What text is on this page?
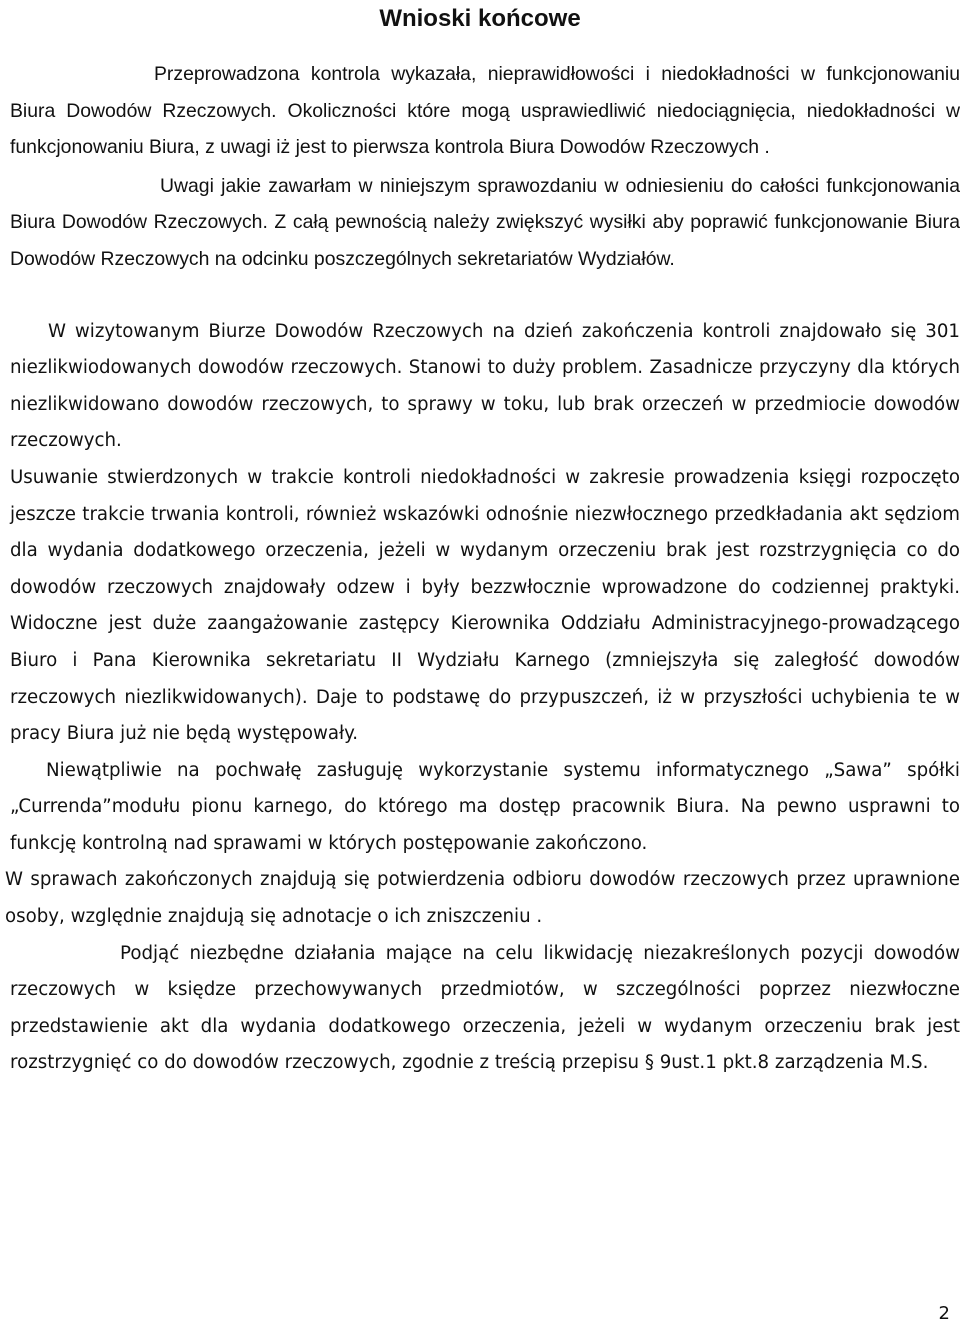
Wnioski końcowe

Przeprowadzona kontrola wykazała, nieprawidłowości i niedokładności w funkcjonowaniu Biura Dowodów Rzeczowych. Okoliczności które mogą usprawiedliwić niedociągnięcia, niedokładności w funkcjonowaniu Biura, z uwagi iż jest to pierwsza kontrola Biura Dowodów Rzeczowych .

Uwagi jakie zawarłam w niniejszym sprawozdaniu w odniesieniu do całości funkcjonowania Biura Dowodów Rzeczowych. Z całą pewnością należy zwiększyć wysiłki aby poprawić funkcjonowanie Biura Dowodów Rzeczowych na odcinku poszczególnych sekretariatów Wydziałów.

W wizytowanym Biurze Dowodów Rzeczowych na dzień zakończenia kontroli znajdowało się 301 niezlikwiodowanych dowodów rzeczowych. Stanowi to duży problem. Zasadnicze przyczyny dla których niezlikwidowano dowodów rzeczowych, to sprawy w toku, lub brak orzeczeń w przedmiocie dowodów rzeczowych.

Usuwanie stwierdzonych w trakcie kontroli niedokładności w zakresie prowadzenia księgi rozpoczęto jeszcze trakcie trwania kontroli, również wskazówki odnośnie niezwłocznego przedkładania akt sędziom dla wydania dodatkowego orzeczenia, jeżeli w wydanym orzeczeniu brak jest rozstrzygnięcia co do dowodów rzeczowych znajdowały odzew i były bezzwłocznie wprowadzone do codziennej praktyki. Widoczne jest duże zaangażowanie zastępcy Kierownika Oddziału Administracyjnego-prowadzącego Biuro i Pana Kierownika sekretariatu II Wydziału Karnego (zmniejszyła się zaległość dowodów rzeczowych niezlikwidowanych). Daje to podstawę do przypuszczeń, iż w przyszłości uchybienia te w pracy Biura już nie będą występowały.

Niewątpliwie na pochwałę zasługuję wykorzystanie systemu informatycznego „Sawa” spółki „Currenda”modułu pionu karnego, do którego ma dostęp pracownik Biura. Na pewno usprawni to funkcję kontrolną nad sprawami w których postępowanie zakończono.

W sprawach zakończonych znajdują się potwierdzenia odbioru dowodów rzeczowych przez uprawnione osoby, względnie znajdują się adnotacje o ich zniszczeniu .

Podjąć niezbędne działania mające na celu likwidację niezakreślonych pozycji dowodów rzeczowych w księdze przechowywanych przedmiotów, w szczególności poprzez niezwłoczne przedstawienie akt dla wydania dodatkowego orzeczenia, jeżeli w wydanym orzeczeniu brak jest rozstrzygnięć co do dowodów rzeczowych, zgodnie z treścią przepisu § 9ust.1 pkt.8 zarządzenia M.S.

2
